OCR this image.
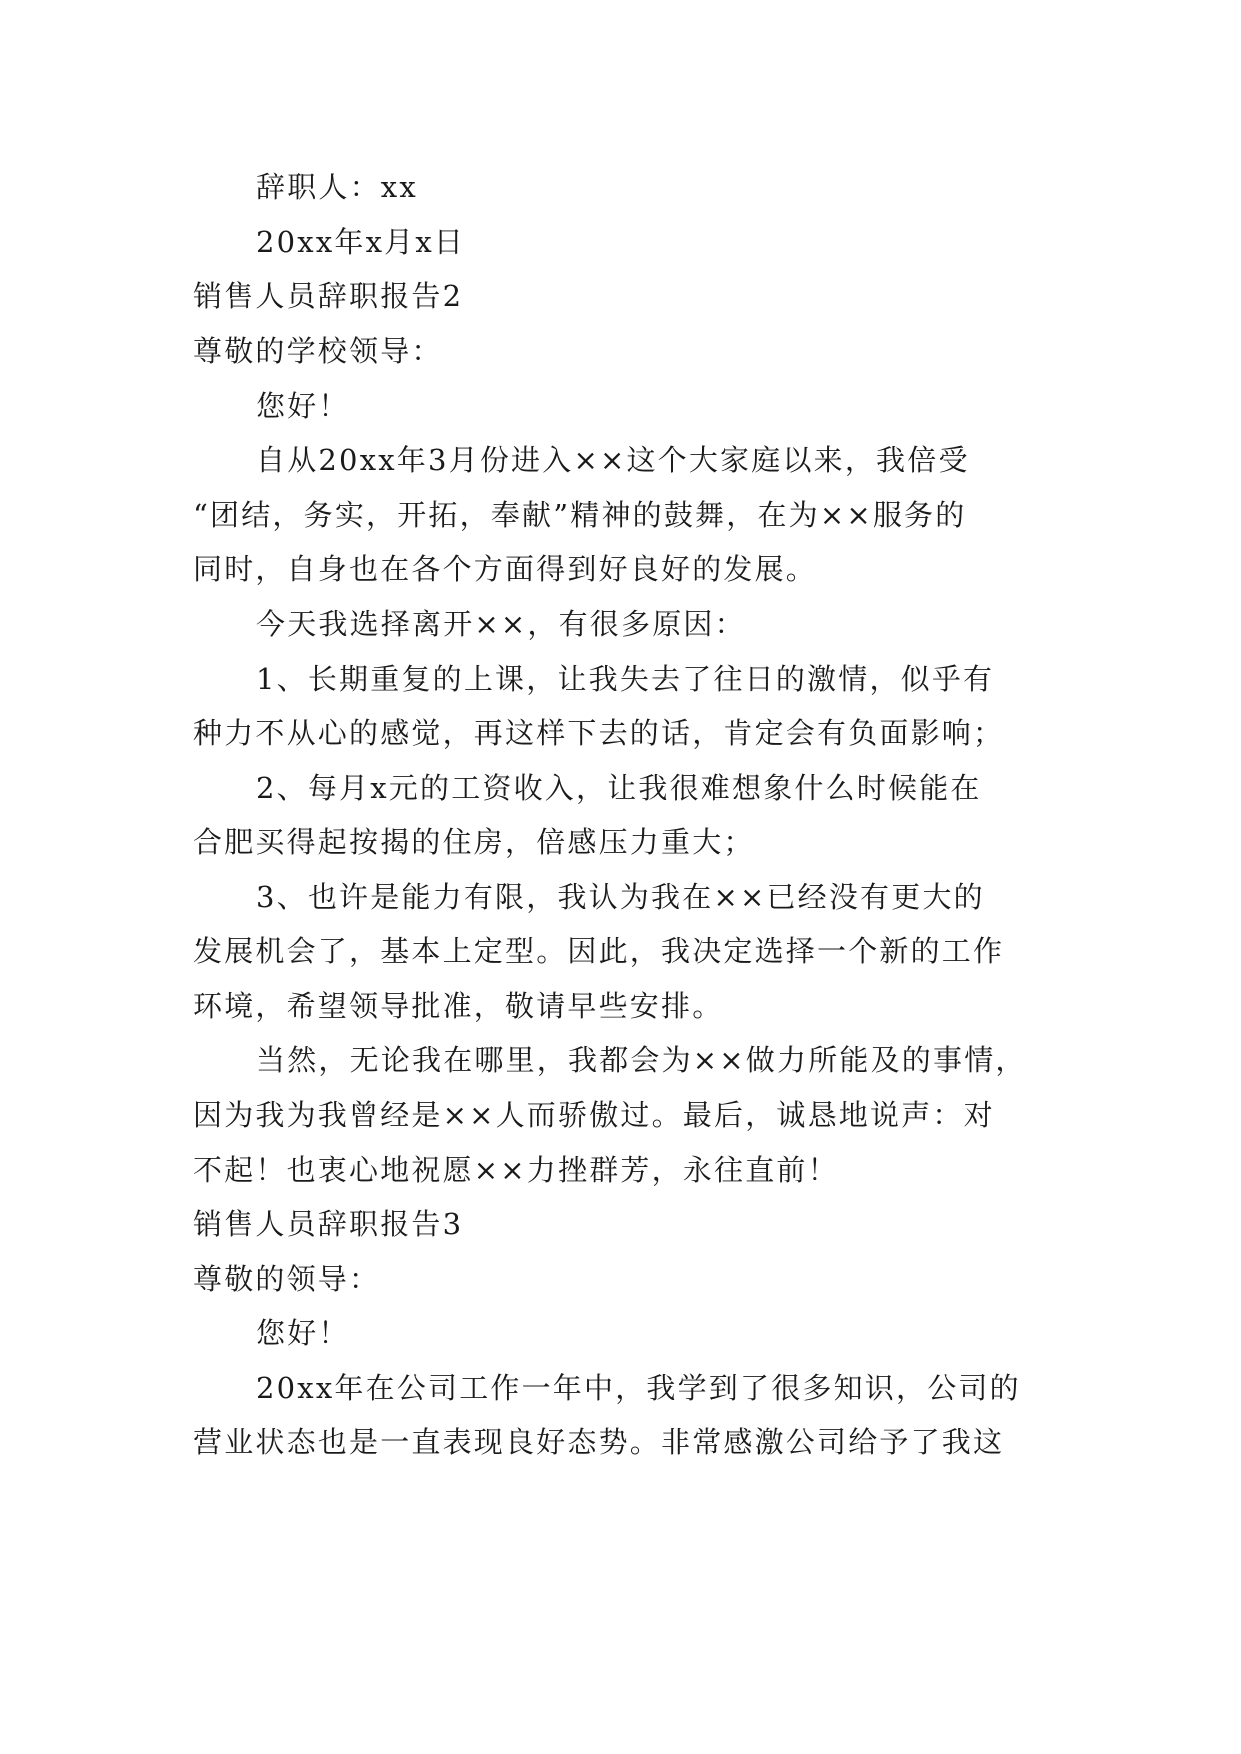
辞职人：xx
20xx年x月x日
销售人员辞职报告2
尊敬的学校领导：
您好！
自从20xx年3月份进入××这个大家庭以来，我倍受
“团结，务实，开拓，奉献”精神的鼓舞，在为××服务的
同时，自身也在各个方面得到好良好的发展。
今天我选择离开××，有很多原因：
1、长期重复的上课，让我失去了往日的激情，似乎有
种力不从心的感觉，再这样下去的话，肯定会有负面影响；
2、每月x元的工资收入，让我很难想象什么时候能在
合肥买得起按揭的住房，倍感压力重大；
3、也许是能力有限，我认为我在××已经没有更大的
发展机会了，基本上定型。因此，我决定选择一个新的工作
环境，希望领导批准，敬请早些安排。
当然，无论我在哪里，我都会为××做力所能及的事情，
因为我为我曾经是××人而骄傲过。最后，诚恳地说声：对
不起！也衷心地祝愿××力挫群芳，永往直前！
销售人员辞职报告3
尊敬的领导：
您好！
20xx年在公司工作一年中，我学到了很多知识，公司的
营业状态也是一直表现良好态势。非常感激公司给予了我这
